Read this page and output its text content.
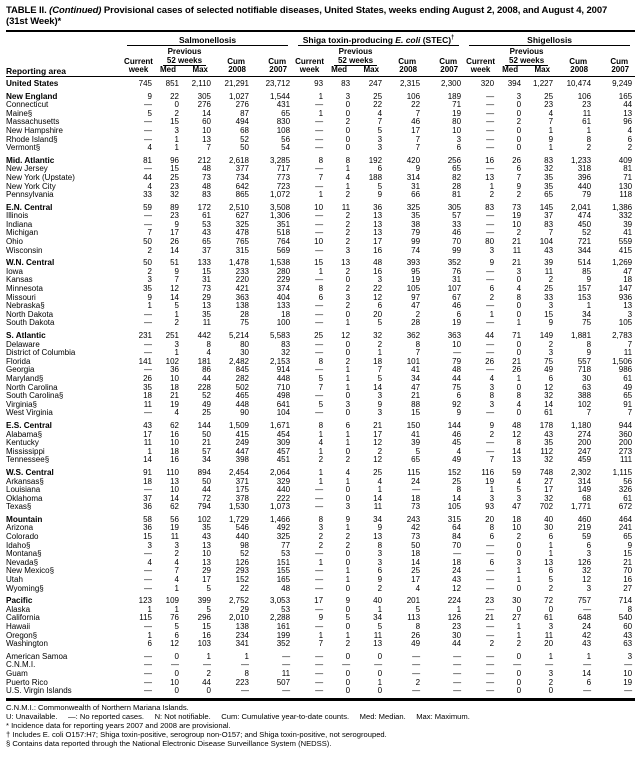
TABLE II. (Continued) Provisional cases of selected notifiable diseases, United States, weeks ending August 2, 2008, and August 4, 2007
(31st Week)*
Reporting area	Salmonellosis					Shiga toxin-producing E. coli (STEC)†					Shigellosis				

		Previous					Previous					Previous			
	Current	52 weeks		Cum	Cum	Current	52 weeks		Cum	Cum	Current	52 weeks		Cum	Cum
	week	Med	Max	2008	2007	week	Med	Max	2008	2007	week	Med	Max	2008	2007
United States	745	851	2,110	21,291	23,712	93	83	247	2,315	2,300	320	394	1,227	10,474	9,249
New England	9	22	305	1,027	1,544	1	3	25	106	189	—	3	25	106	165
Connecticut	—	0	276	276	431	—	0	22	22	71	—	0	23	23	44
Maine§	5	2	14	87	65	1	0	4	7	19	—	0	4	11	13
Massachusetts	—	15	60	494	830	—	2	7	46	80	—	2	7	61	96
New Hampshire	—	3	10	68	108	—	0	5	17	10	—	0	1	1	4
Rhode Island§	—	1	13	52	56	—	0	3	7	3	—	0	9	8	6
Vermont§	4	1	7	50	54	—	0	3	7	6	—	0	1	2	2
Mid. Atlantic	81	96	212	2,618	3,285	8	8	192	420	256	16	26	83	1,233	409
New Jersey	—	15	48	377	717	—	1	6	9	65	—	6	32	318	81
New York (Upstate)	44	25	73	734	773	7	4	188	314	82	13	7	35	396	71
New York City	4	23	48	642	723	—	1	5	31	28	1	9	35	440	130
Pennsylvania	33	32	83	865	1,072	1	2	9	66	81	2	2	65	79	118
E.N. Central	59	89	172	2,510	3,508	10	11	36	325	305	83	73	145	2,041	1,386
Illinois	—	23	61	627	1,306	—	2	13	35	57	—	19	37	474	332
Indiana	—	9	53	325	351	—	2	13	38	33	—	10	83	450	39
Michigan	7	17	43	478	518	—	2	13	79	46	—	2	7	52	41
Ohio	50	26	65	765	764	10	2	17	99	70	80	21	104	721	559
Wisconsin	2	14	37	315	569	—	3	16	74	99	3	11	43	344	415
W.N. Central	50	51	133	1,478	1,538	15	13	48	393	352	9	21	39	514	1,269
Iowa	2	9	15	233	280	1	2	16	95	76	—	3	11	85	47
Kansas	3	7	31	220	229	—	0	3	19	31	—	0	2	9	18
Minnesota	35	12	73	421	374	8	2	22	105	107	6	4	25	157	147
Missouri	9	14	29	363	404	6	3	12	97	67	2	8	33	153	936
Nebraska§	1	5	13	138	133	—	2	6	47	46	—	0	3	1	13
North Dakota	—	1	35	28	18	—	0	20	2	6	1	0	15	34	3
South Dakota	—	2	11	75	100	—	1	5	28	19	—	1	9	75	105
S. Atlantic	231	251	442	5,214	5,583	25	12	32	362	363	44	71	149	1,881	2,783
Delaware	—	3	8	80	83	—	0	2	8	10	—	0	2	8	7
District of Columbia	—	1	4	30	32	—	0	1	7	—	—	0	3	9	11
Florida	141	102	181	2,482	2,153	8	2	18	101	79	26	21	75	557	1,506
Georgia	—	36	86	845	914	—	1	7	41	48	—	26	49	718	986
Maryland§	26	10	44	282	448	5	1	5	34	44	4	1	6	30	61
North Carolina	35	18	228	502	710	7	1	14	47	75	3	0	12	63	49
South Carolina§	18	21	52	465	498	—	0	3	21	6	8	8	32	388	65
Virginia§	11	19	49	448	641	5	3	9	88	92	3	4	14	102	91
West Virginia	—	4	25	90	104	—	0	3	15	9	—	0	61	7	7
E.S. Central	43	62	144	1,509	1,671	8	6	21	150	144	9	48	178	1,180	944
Alabama§	17	16	50	415	454	1	1	17	41	46	2	12	43	274	360
Kentucky	11	10	21	249	309	4	1	12	39	45	—	8	35	200	200
Mississippi	1	18	57	447	457	1	0	2	5	4	—	14	112	247	273
Tennessee§	14	16	34	398	451	2	2	12	65	49	7	13	32	459	111
W.S. Central	91	110	894	2,454	2,064	1	4	25	115	152	116	59	748	2,302	1,115
Arkansas§	18	13	50	371	329	1	1	4	24	25	19	4	27	314	56
Louisiana	—	10	44	175	440	—	0	1	—	8	1	5	17	149	326
Oklahoma	37	14	72	378	222	—	0	14	18	14	3	3	32	68	61
Texas§	36	62	794	1,530	1,073	—	3	11	73	105	93	47	702	1,771	672
Mountain	58	56	102	1,729	1,466	8	9	34	243	315	20	18	40	460	464
Arizona	36	19	35	546	492	3	1	9	42	64	8	10	30	219	241
Colorado	15	11	43	440	325	2	2	13	73	84	6	2	6	59	65
Idaho§	3	3	13	98	77	2	2	8	50	70	—	0	1	6	9
Montana§	—	2	10	52	53	—	0	3	18	—	—	0	1	3	15
Nevada§	4	4	13	126	151	1	0	3	14	18	6	3	13	126	21
New Mexico§	—	7	29	293	155	—	1	6	25	24	—	1	6	32	70
Utah	—	4	17	152	165	—	1	9	17	43	—	1	5	12	16
Wyoming§	—	1	5	22	48	—	0	2	4	12	—	0	2	3	27
Pacific	123	109	399	2,752	3,053	17	9	40	201	224	23	30	72	757	714
Alaska	1	1	5	29	53	—	0	1	5	1	—	0	0	—	8
California	115	76	296	2,010	2,288	9	5	34	113	126	21	27	61	648	540
Hawaii	—	5	15	138	161	—	0	5	8	23	—	1	3	24	60
Oregon§	1	6	16	234	199	1	1	11	26	30	—	1	11	42	43
Washington	6	12	103	341	352	7	2	13	49	44	2	2	20	43	63
American Samoa	—	0	1	1	—	—	0	0	—	—	—	0	1	1	3
C.N.M.I.	—	—	—	—	—	—	—	—	—	—	—	—	—	—	—
Guam	—	0	2	8	11	—	0	0	—	—	—	0	3	14	10
Puerto Rico	—	10	44	223	507	—	0	1	2	—	—	0	2	6	19
U.S. Virgin Islands	—	0	0	—	—	—	0	0	—	—	—	0	0	—	—
C.N.M.I.: Commonwealth of Northern Mariana Islands.
U: Unavailable.     —: No reported cases.     N: Not notifiable.     Cum: Cumulative year-to-date counts.     Med: Median.     Max: Maximum.
* Incidence data for reporting years 2007 and 2008 are provisional.
† Includes E. coli O157:H7; Shiga toxin-positive, serogroup non-O157; and Shiga toxin-positive, not serogrouped.
§ Contains data reported through the National Electronic Disease Surveillance System (NEDSS).
